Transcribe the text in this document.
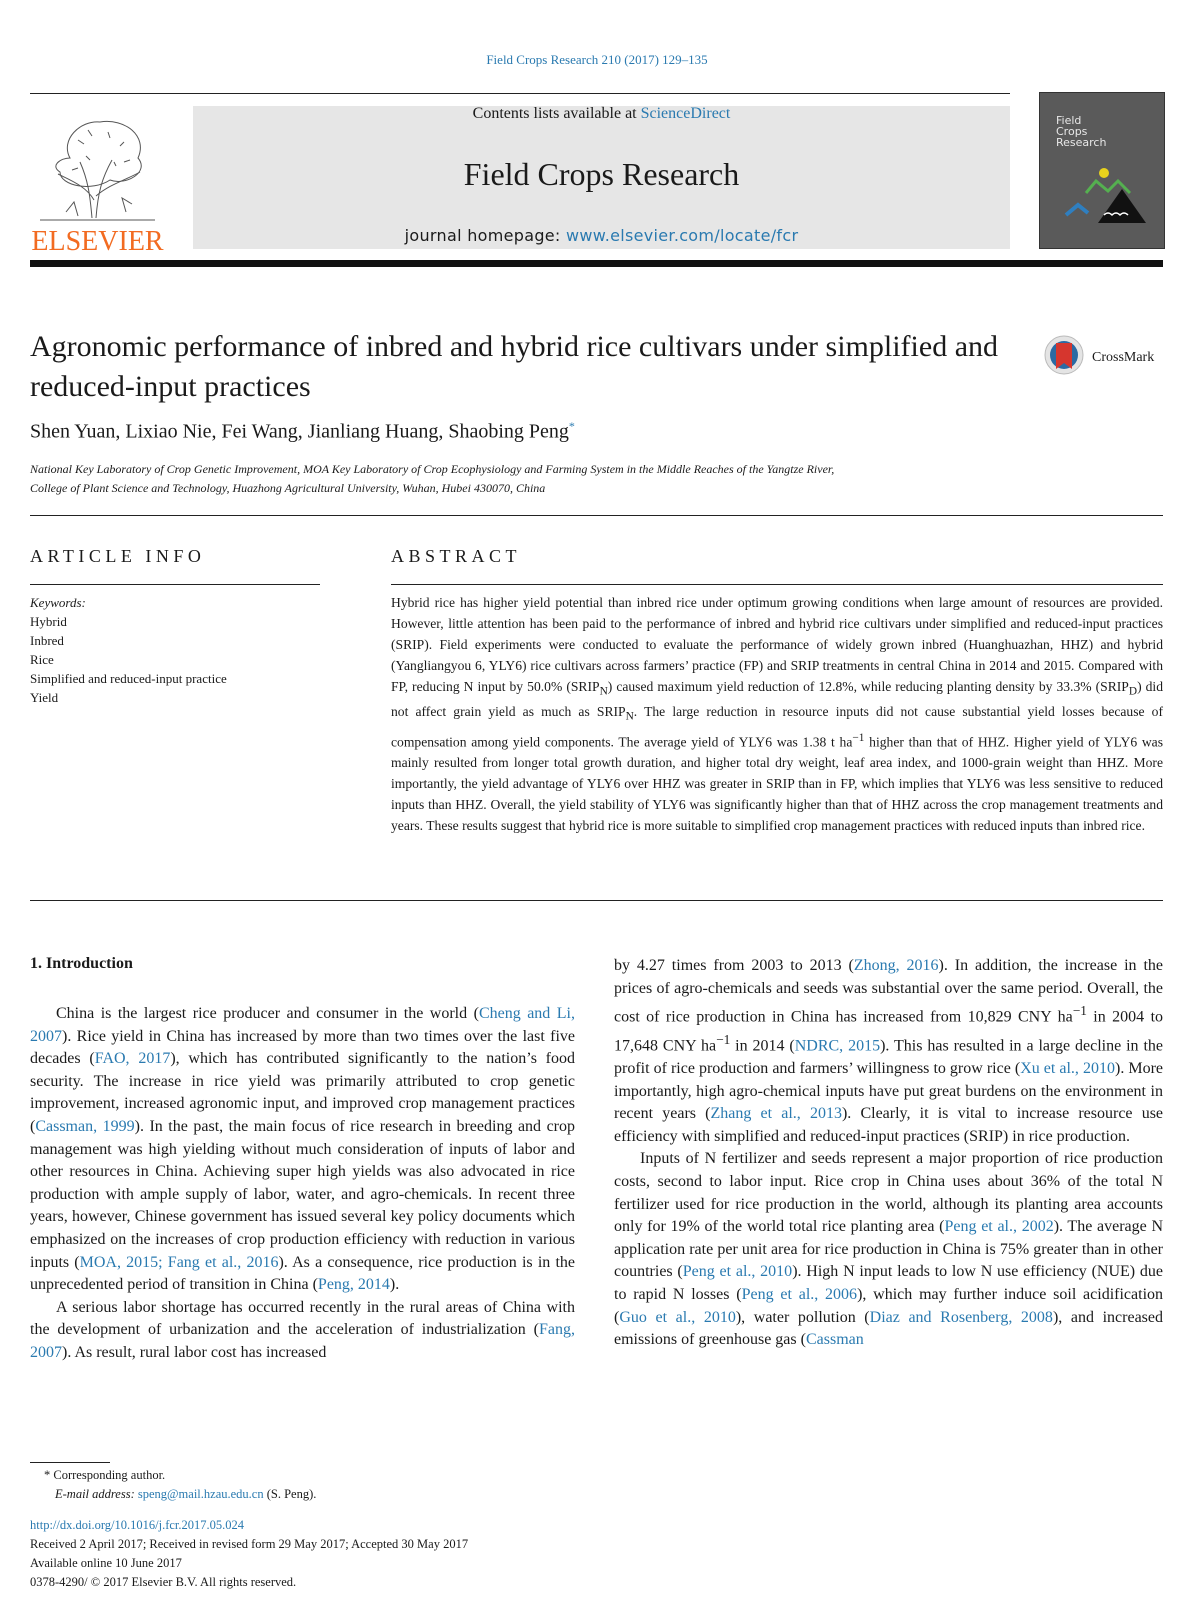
Field Crops Research 210 (2017) 129–135
ELSEVIER
Contents lists available at ScienceDirect
Field Crops Research
journal homepage: www.elsevier.com/locate/fcr
Field
Crops
Research
Agronomic performance of inbred and hybrid rice cultivars under simplified and reduced-input practices
CrossMark
Shen Yuan, Lixiao Nie, Fei Wang, Jianliang Huang, Shaobing Peng*
National Key Laboratory of Crop Genetic Improvement, MOA Key Laboratory of Crop Ecophysiology and Farming System in the Middle Reaches of the Yangtze River,
College of Plant Science and Technology, Huazhong Agricultural University, Wuhan, Hubei 430070, China
ARTICLE INFO
Keywords:
Hybrid
Inbred
Rice
Simplified and reduced-input practice
Yield
ABSTRACT
Hybrid rice has higher yield potential than inbred rice under optimum growing conditions when large amount of resources are provided. However, little attention has been paid to the performance of inbred and hybrid rice cultivars under simplified and reduced-input practices (SRIP). Field experiments were conducted to evaluate the performance of widely grown inbred (Huanghuazhan, HHZ) and hybrid (Yangliangyou 6, YLY6) rice cultivars across farmers’ practice (FP) and SRIP treatments in central China in 2014 and 2015. Compared with FP, reducing N input by 50.0% $(SRIP_N)$ caused maximum yield reduction of 12.8%, while reducing planting density by 33.3% $(SRIP_D)$ did not affect grain yield as much as $SRIP_N$. The large reduction in resource inputs did not cause substantial yield losses because of compensation among yield components. The average yield of YLY6 was 1.38 t $ha^{-1}$ higher than that of HHZ. Higher yield of YLY6 was mainly resulted from longer total growth duration, and higher total dry weight, leaf area index, and 1000-grain weight than HHZ. More importantly, the yield advantage of YLY6 over HHZ was greater in SRIP than in FP, which implies that YLY6 was less sensitive to reduced inputs than HHZ. Overall, the yield stability of YLY6 was significantly higher than that of HHZ across the crop management treatments and years. These results suggest that hybrid rice is more suitable to simplified crop management practices with reduced inputs than inbred rice.
1. Introduction

China is the largest rice producer and consumer in the world (Cheng and Li, 2007). Rice yield in China has increased by more than two times over the last five decades (FAO, 2017), which has contributed significantly to the nation’s food security. The increase in rice yield was primarily attributed to crop genetic improvement, increased agronomic input, and improved crop management practices (Cassman, 1999). In the past, the main focus of rice research in breeding and crop management was high yielding without much consideration of inputs of labor and other resources in China. Achieving super high yields was also advocated in rice production with ample supply of labor, water, and agro-chemicals. In recent three years, however, Chinese government has issued several key policy documents which emphasized on the increases of crop production efficiency with reduction in various inputs (MOA, 2015; Fang et al., 2016). As a consequence, rice production is in the unprecedented period of transition in China (Peng, 2014).

A serious labor shortage has occurred recently in the rural areas of China with the development of urbanization and the acceleration of industrialization (Fang, 2007). As result, rural labor cost has increased

by 4.27 times from 2003 to 2013 (Zhong, 2016). In addition, the increase in the prices of agro-chemicals and seeds was substantial over the same period. Overall, the cost of rice production in China has increased from 10,829 CNY $ha^{-1}$ in 2004 to 17,648 CNY $ha^{-1}$ in 2014 (NDRC, 2015). This has resulted in a large decline in the profit of rice production and farmers’ willingness to grow rice (Xu et al., 2010). More importantly, high agro-chemical inputs have put great burdens on the environment in recent years (Zhang et al., 2013). Clearly, it is vital to increase resource use efficiency with simplified and reduced-input practices (SRIP) in rice production.

Inputs of N fertilizer and seeds represent a major proportion of rice production costs, second to labor input. Rice crop in China uses about 36% of the total N fertilizer used for rice production in the world, although its planting area accounts only for 19% of the world total rice planting area (Peng et al., 2002). The average N application rate per unit area for rice production in China is 75% greater than in other countries (Peng et al., 2010). High N input leads to low N use efficiency (NUE) due to rapid N losses (Peng et al., 2006), which may further induce soil acidification (Guo et al., 2010), water pollution (Diaz and Rosenberg, 2008), and increased emissions of greenhouse gas (Cassman

* Corresponding author.
E-mail address: speng@mail.hzau.edu.cn (S. Peng).
http://dx.doi.org/10.1016/j.fcr.2017.05.024
Received 2 April 2017; Received in revised form 29 May 2017; Accepted 30 May 2017
Available online 10 June 2017
0378-4290/ © 2017 Elsevier B.V. All rights reserved.
